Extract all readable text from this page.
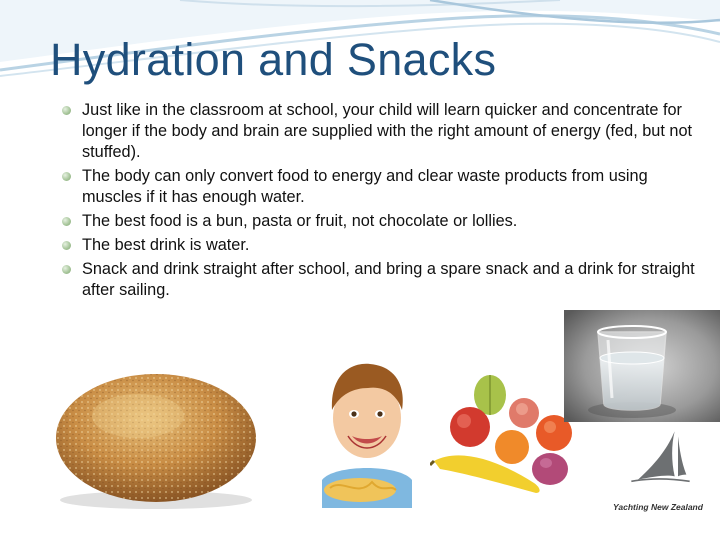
Hydration and Snacks
Just like in the classroom at school, your child will learn quicker and concentrate for longer if the body and brain are supplied with the right amount of energy (fed, but not stuffed).
The body can only convert food to energy and clear waste products from using muscles if it has enough water.
The best food is a bun, pasta or fruit, not chocolate or lollies.
The best drink is water.
Snack and drink straight after school, and bring a spare snack and a drink for straight after sailing.
Yachting New Zealand
